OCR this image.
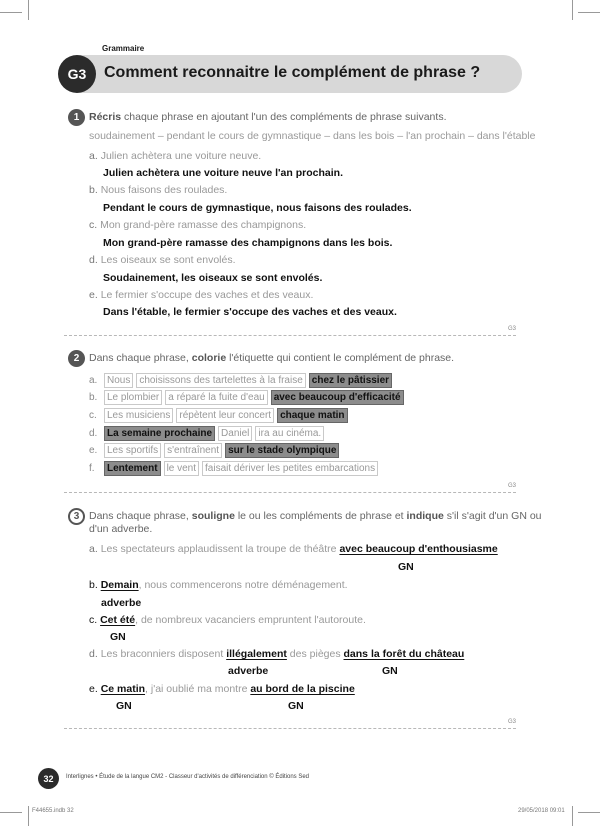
Grammaire
G3	Comment reconnaitre le complément de phrase ?
1 Récris chaque phrase en ajoutant l'un des compléments de phrase suivants.
soudainement – pendant le cours de gymnastique – dans les bois – l'an prochain – dans l'étable
a. Julien achètera une voiture neuve.
Julien achètera une voiture neuve l'an prochain.
b. Nous faisons des roulades.
Pendant le cours de gymnastique, nous faisons des roulades.
c. Mon grand-père ramasse des champignons.
Mon grand-père ramasse des champignons dans les bois.
d. Les oiseaux se sont envolés.
Soudainement, les oiseaux se sont envolés.
e. Le fermier s'occupe des vaches et des veaux.
Dans l'étable, le fermier s'occupe des vaches et des veaux.
G3
2 Dans chaque phrase, colorie l'étiquette qui contient le complément de phrase.
a. Nous choisissons des tartelettes à la fraise chez le pâtissier
b. Le plombier a réparé la fuite d'eau avec beaucoup d'efficacité
c.	Les musiciens répètent leur concert chaque matin
d. La semaine prochaine Daniel ira au cinéma.
e. Les sportifs s'entraînent sur le stade olympique
f.	Lentement le vent faisait dériver les petites embarcations
G3
3 Dans chaque phrase, souligne le ou les compléments de phrase et indique s'il s'agit d'un GN ou
d'un adverbe.
a. Les spectateurs applaudissent la troupe de théâtre avec beaucoup d'enthousiasme
GN
b. Demain, nous commencerons notre déménagement.
adverbe
c. Cet été, de nombreux vacanciers empruntent l'autoroute.
GN
d. Les braconniers disposent illégalement des pièges dans la forêt du château
adverbe	GN
e. Ce matin, j'ai oublié ma montre au bord de la piscine
GN	GN
G3
32	Interlignes • Étude de la langue CM2 - Classeur d'activités de différenciation © Éditions Sed
F44655.indb 32	29/05/2018 09:01
